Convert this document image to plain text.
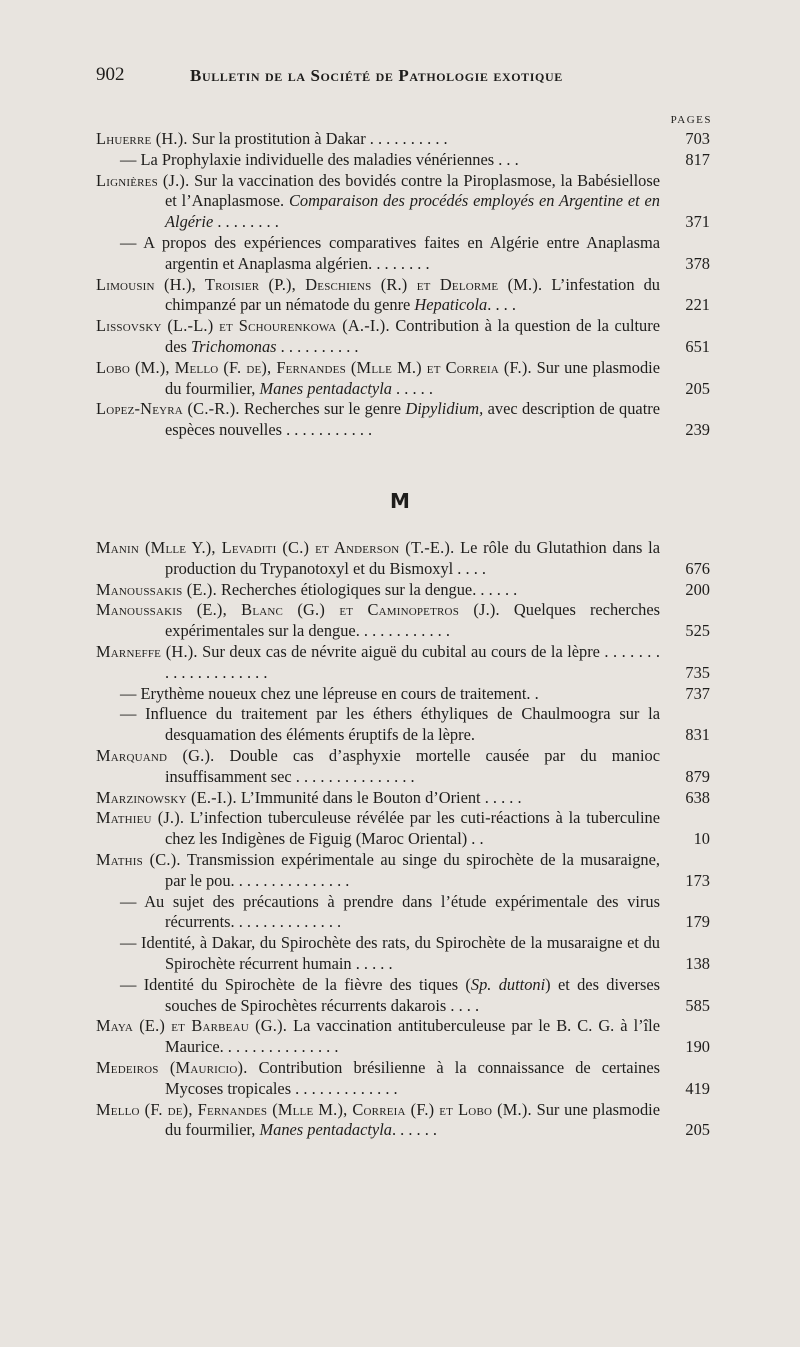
902	Bulletin de la Société de Pathologie exotique
PAGES

Lhuerre (H.). Sur la prostitution à Dakar . . . . . . . . . .	703

— La Prophylaxie individuelle des maladies vénériennes . . .	817

Lignières (J.). Sur la vaccination des bovidés contre la Piroplasmose, la Babésiellose et l’Anaplasmose. Comparaison des procédés employés en Argentine et en Algérie . . . . . . . .	371

— A propos des expériences comparatives faites en Algérie entre Anaplasma argentin et Anaplasma algérien. . . . . . . .	378

Limousin (H.), Troisier (P.), Deschiens (R.) et Delorme (M.). L’infestation du chimpanzé par un nématode du genre Hepaticola. . . .	221

Lissovsky (L.-L.) et Schourenkowa (A.-I.). Contribution à la question de la culture des Trichomonas . . . . . . . . . .	651

Lobo (M.), Mello (F. de), Fernandes (Mlle M.) et Correia (F.). Sur une plasmodie du fourmilier, Manes pentadactyla . . . . .	205

Lopez-Neyra (C.-R.). Recherches sur le genre Dipylidium, avec description de quatre espèces nouvelles . . . . . . . . . . .	239

M

Manin (Mlle Y.), Levaditi (C.) et Anderson (T.-E.). Le rôle du Glutathion dans la production du Trypanotoxyl et du Bismoxyl . . . .	676

Manoussakis (E.). Recherches étiologiques sur la dengue. . . . . .	200

Manoussakis (E.), Blanc (G.) et Caminopetros (J.). Quelques recherches expérimentales sur la dengue. . . . . . . . . . . .	525

Marneffe (H.). Sur deux cas de névrite aiguë du cubital au cours de la lèpre . . . . . . . . . . . . . . . . . . . .	735

— Erythème noueux chez une lépreuse en cours de traitement. .	737

— Influence du traitement par les éthers éthyliques de Chaulmoogra sur la desquamation des éléments éruptifs de la lèpre.	831

Marquand (G.). Double cas d’asphyxie mortelle causée par du manioc insuffisamment sec . . . . . . . . . . . . . . .	879

Marzinowsky (E.-I.). L’Immunité dans le Bouton d’Orient . . . . .	638

Mathieu (J.). L’infection tuberculeuse révélée par les cuti-réactions à la tuberculine chez les Indigènes de Figuig (Maroc Oriental) . .	10

Mathis (C.). Transmission expérimentale au singe du spirochète de la musaraigne, par le pou. . . . . . . . . . . . . . .	173

— Au sujet des précautions à prendre dans l’étude expérimentale des virus récurrents. . . . . . . . . . . . . .	179

— Identité, à Dakar, du Spirochète des rats, du Spirochète de la musaraigne et du Spirochète récurrent humain . . . . .	138

— Identité du Spirochète de la fièvre des tiques (Sp. duttoni) et des diverses souches de Spirochètes récurrents dakarois . . . .	585

Maya (E.) et Barbeau (G.). La vaccination antituberculeuse par le B. C. G. à l’île Maurice. . . . . . . . . . . . . . .	190

Medeiros (Mauricio). Contribution brésilienne à la connaissance de certaines Mycoses tropicales . . . . . . . . . . . . .	419

Mello (F. de), Fernandes (Mlle M.), Correia (F.) et Lobo (M.). Sur une plasmodie du fourmilier, Manes pentadactyla. . . . . .	205
